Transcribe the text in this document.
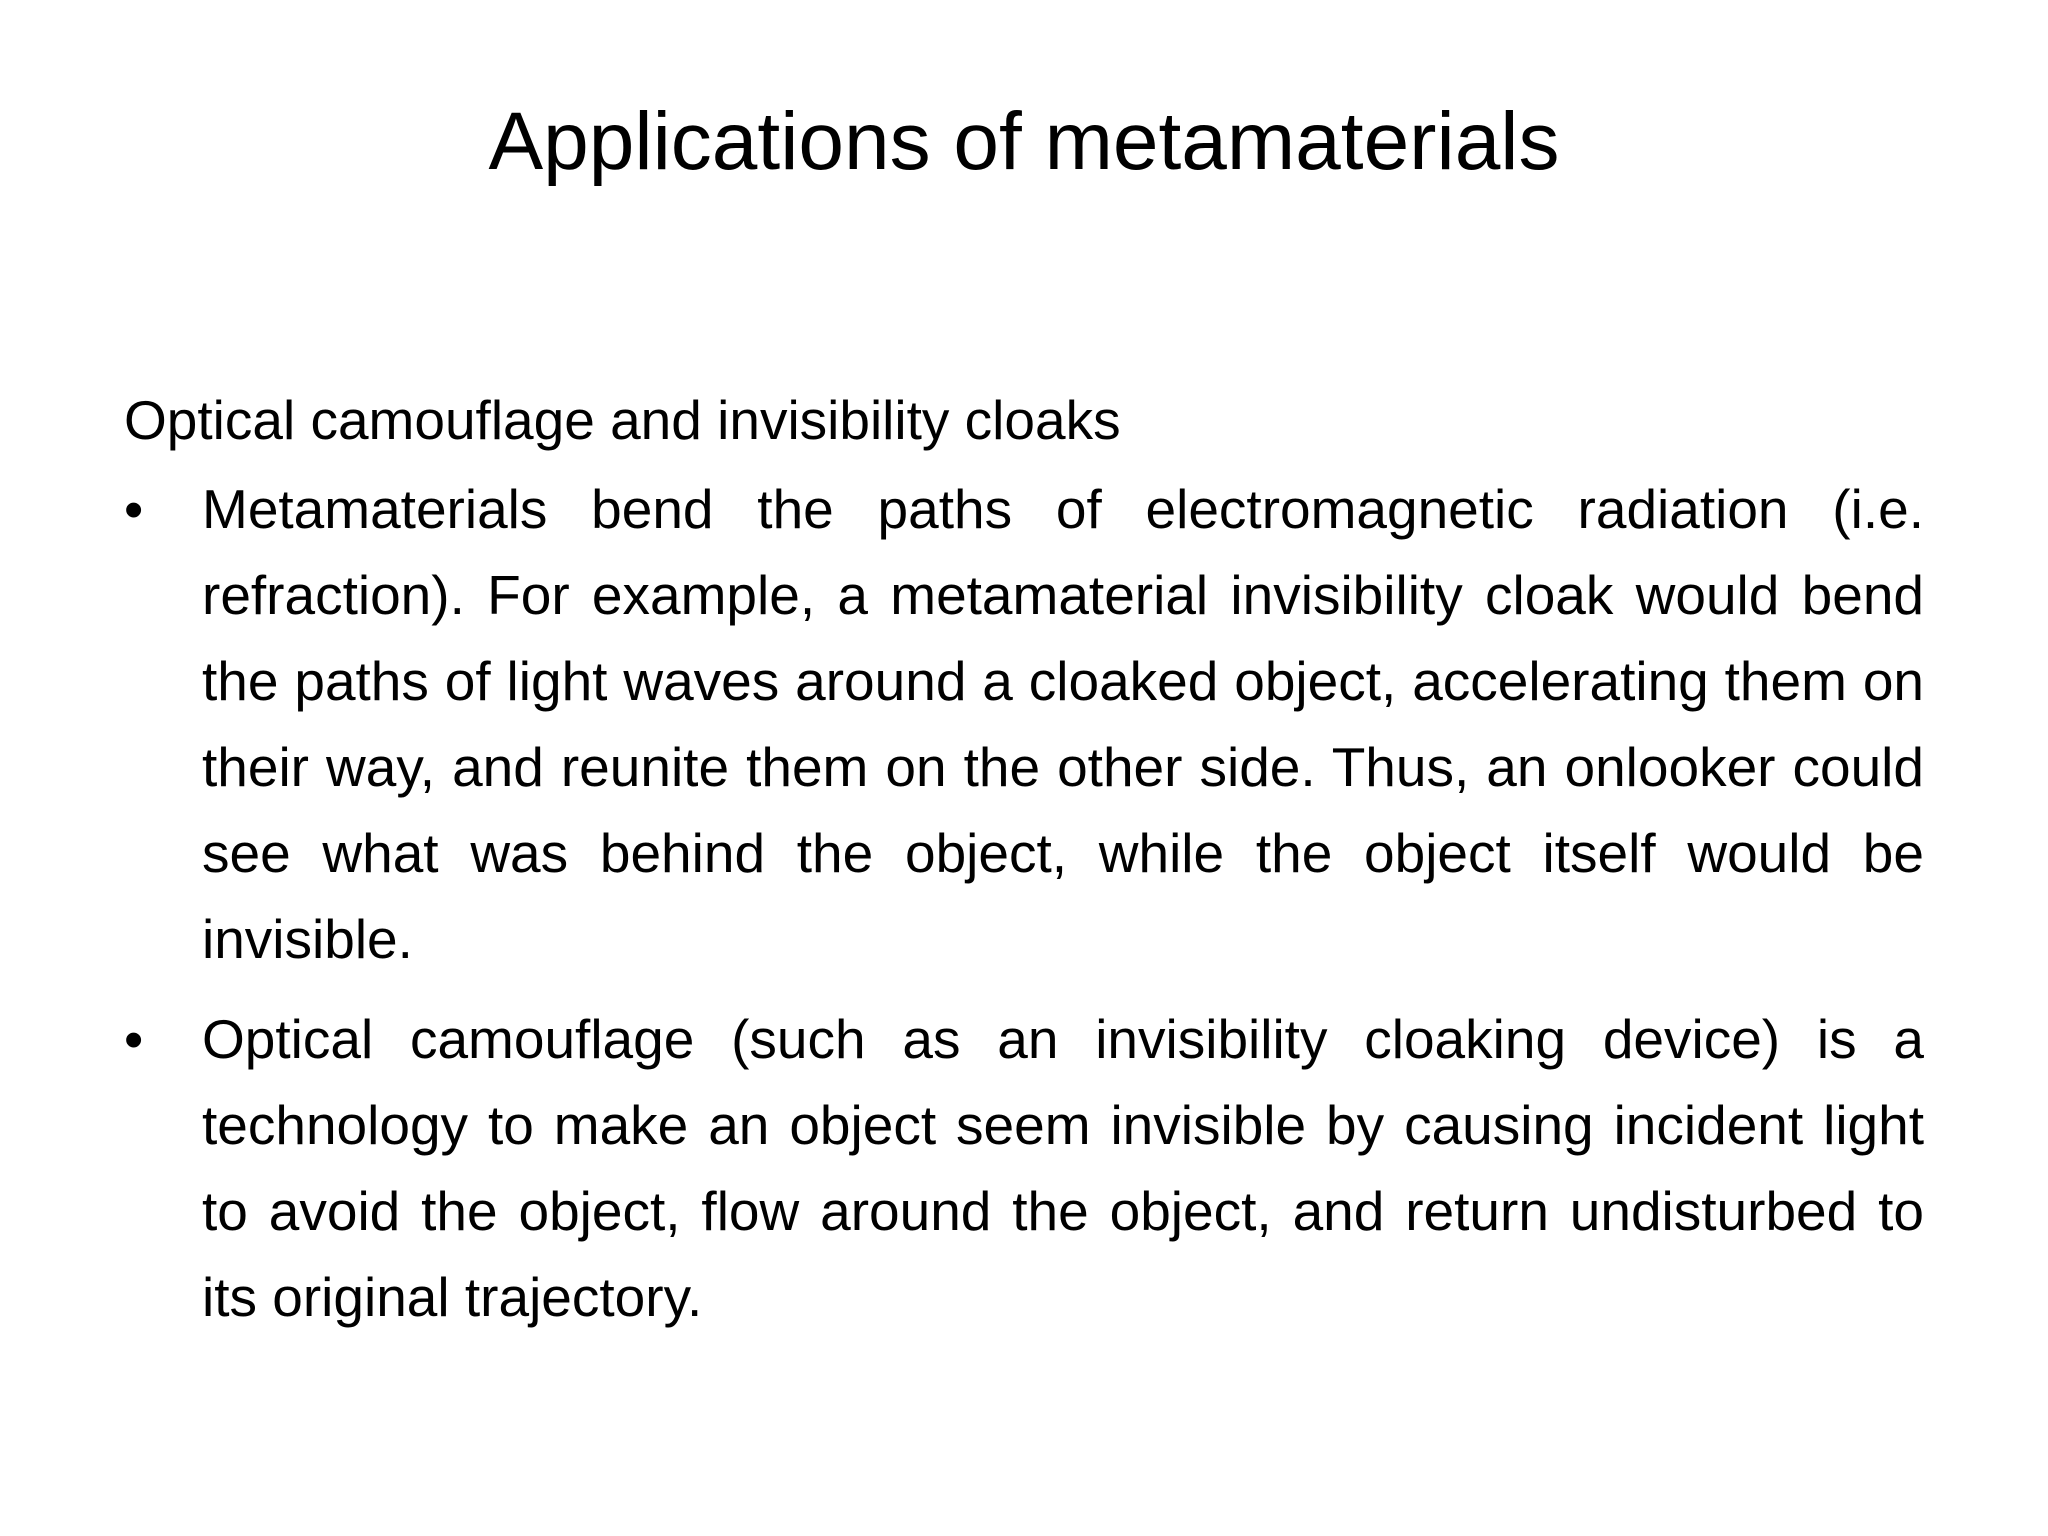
Applications of metamaterials

Optical camouflage and invisibility cloaks

• Metamaterials bend the paths of electromagnetic radiation (i.e. refraction). For example, a metamaterial invisibility cloak would bend the paths of light waves around a cloaked object, accelerating them on their way, and reunite them on the other side. Thus, an onlooker could see what was behind the object, while the object itself would be invisible.
• Optical camouflage (such as an invisibility cloaking device) is a technology to make an object seem invisible by causing incident light to avoid the object, flow around the object, and return undisturbed to its original trajectory.
